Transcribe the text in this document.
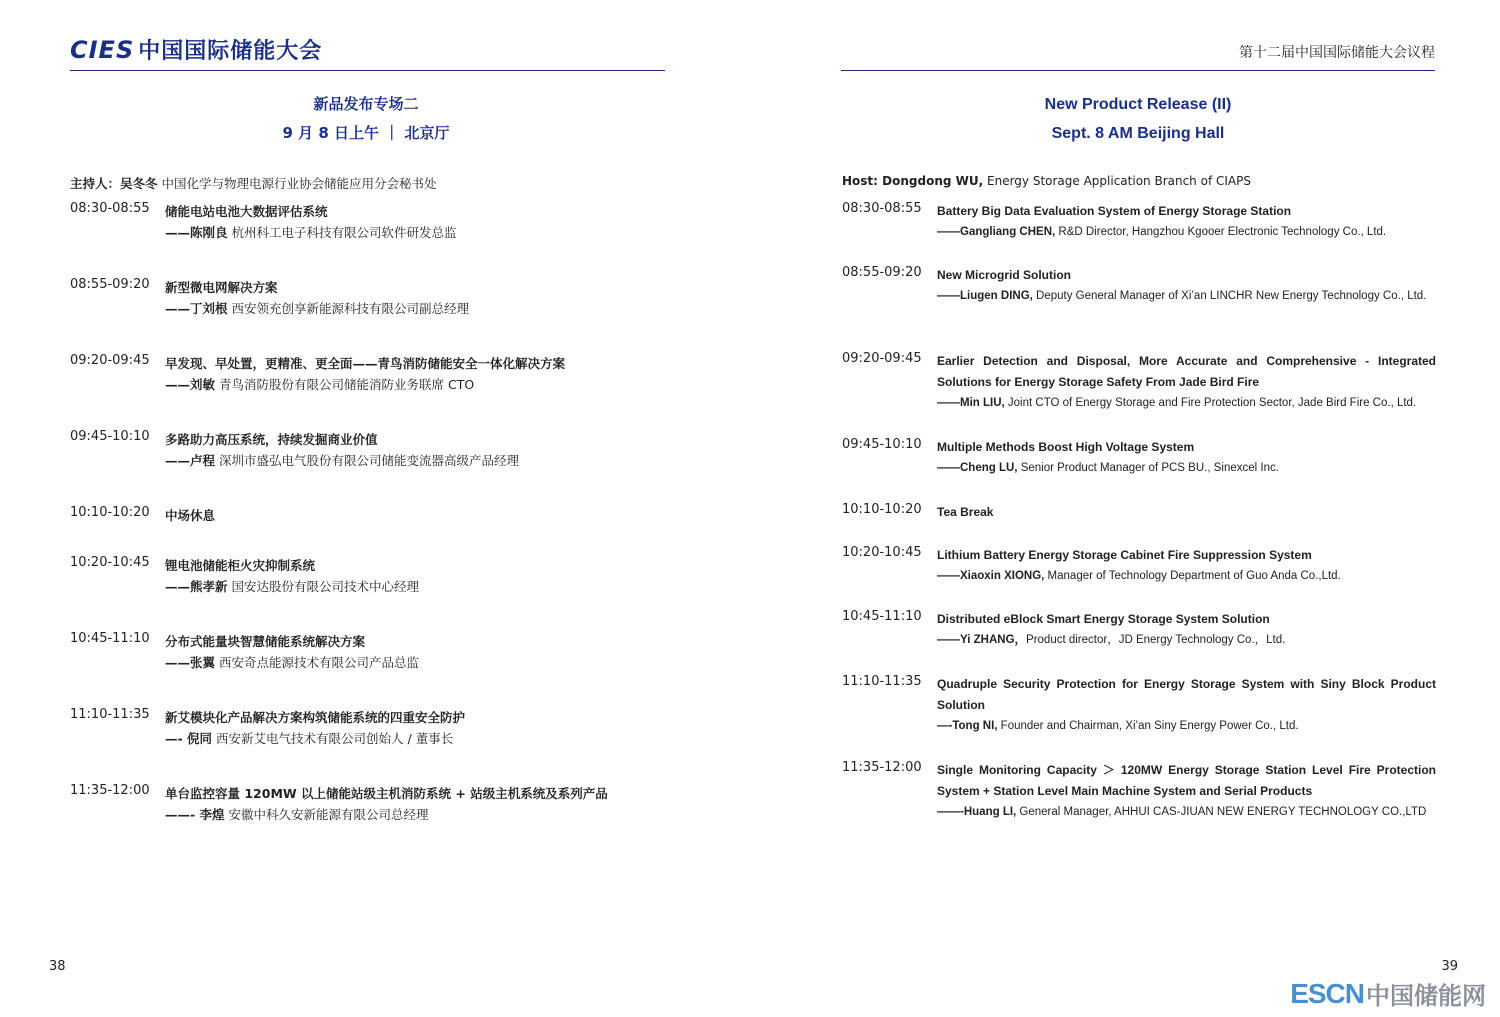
CIES 中国国际储能大会
新品发布专场二
9 月 8 日上午 ｜ 北京厅
主持人：吴冬冬 中国化学与物理电源行业协会储能应用分会秘书处
08:30-08:55 储能电站电池大数据评估系统
——陈刚良 杭州科工电子科技有限公司软件研发总监
08:55-09:20 新型微电网解决方案
——丁刘根 西安领充创享新能源科技有限公司副总经理
09:20-09:45 早发现、早处置，更精准、更全面——青鸟消防储能安全一体化解决方案
——刘敏 青鸟消防股份有限公司储能消防业务联席 CTO
09:45-10:10 多路助力高压系统，持续发掘商业价值
——卢程 深圳市盛弘电气股份有限公司储能变流器高级产品经理
10:10-10:20 中场休息
10:20-10:45 锂电池储能柜火灾抑制系统
——熊孝新 国安达股份有限公司技术中心经理
10:45-11:10 分布式能量块智慧储能系统解决方案
——张翼 西安奇点能源技术有限公司产品总监
11:10-11:35 新艾模块化产品解决方案构筑储能系统的四重安全防护
—- 倪同 西安新艾电气技术有限公司创始人 / 董事长
11:35-12:00 单台监控容量 120MW 以上储能站级主机消防系统 + 站级主机系统及系列产品
——- 李煌 安徽中科久安新能源有限公司总经理
38
第十二届中国国际储能大会议程
New Product Release (II)
Sept. 8 AM Beijing Hall
Host: Dongdong WU, Energy Storage Application Branch of CIAPS
08:30-08:55 Battery Big Data Evaluation System of Energy Storage Station
——Gangliang CHEN, R&D Director, Hangzhou Kgooer Electronic Technology Co., Ltd.
08:55-09:20 New Microgrid Solution
——Liugen DING, Deputy General Manager of Xi’an LINCHR New Energy Technology Co., Ltd.
09:20-09:45 Earlier Detection and Disposal, More Accurate and Comprehensive - Integrated Solutions for Energy Storage Safety From Jade Bird Fire
——Min LIU, Joint CTO of Energy Storage and Fire Protection Sector, Jade Bird Fire Co., Ltd.
09:45-10:10 Multiple Methods Boost High Voltage System
——Cheng LU, Senior Product Manager of PCS BU., Sinexcel Inc.
10:10-10:20 Tea Break
10:20-10:45 Lithium Battery Energy Storage Cabinet Fire Suppression System
——Xiaoxin XIONG, Manager of Technology Department of Guo Anda Co.,Ltd.
10:45-11:10 Distributed eBlock Smart Energy Storage System Solution
——Yi ZHANG，Product director，JD Energy Technology Co.，Ltd.
11:10-11:35 Quadruple Security Protection for Energy Storage System with Siny Block Product Solution
—-Tong NI, Founder and Chairman, Xi’an Siny Energy Power Co., Ltd.
11:35-12:00 Single Monitoring Capacity ＞ 120MW Energy Storage Station Level Fire Protection System + Station Level Main Machine System and Serial Products
——-Huang LI, General Manager, AHHUI CAS-JIUAN NEW ENERGY TECHNOLOGY CO.,LTD
39
ESCN 中国储能网
